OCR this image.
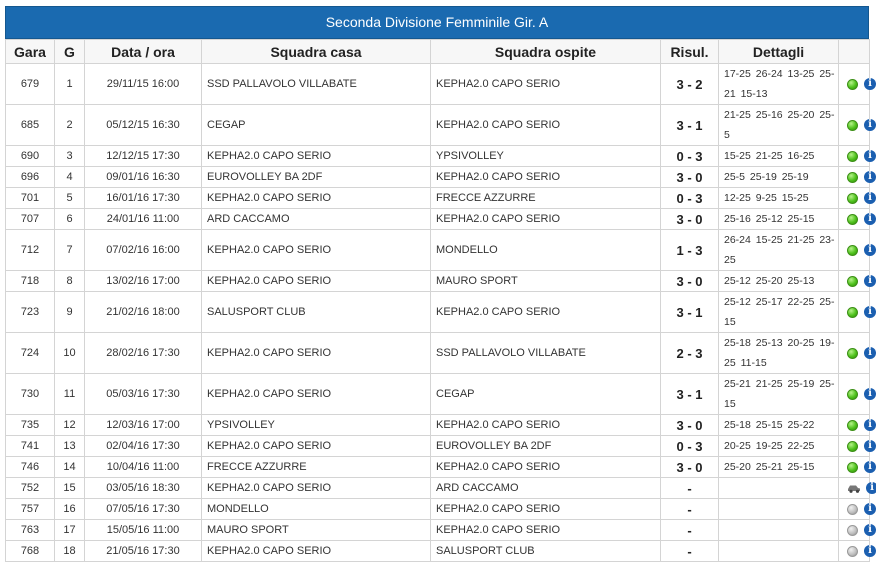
Seconda Divisione Femminile Gir. A
Gara	G	Data / ora	Squadra casa	Squadra ospite	Risul.	Dettagli	
679	1	29/11/15 16:00	SSD PALLAVOLO VILLABATE	KEPHA2.0 CAPO SERIO	3 - 2	17-25 26-24 13-25 25-21 15-13	i
685	2	05/12/15 16:30	CEGAP	KEPHA2.0 CAPO SERIO	3 - 1	21-25 25-16 25-20 25-5	i
690	3	12/12/15 17:30	KEPHA2.0 CAPO SERIO	YPSIVOLLEY	0 - 3	15-25 21-25 16-25	i
696	4	09/01/16 16:30	EUROVOLLEY BA 2DF	KEPHA2.0 CAPO SERIO	3 - 0	25-5 25-19 25-19	i
701	5	16/01/16 17:30	KEPHA2.0 CAPO SERIO	FRECCE AZZURRE	0 - 3	12-25 9-25 15-25	i
707	6	24/01/16 11:00	ARD CACCAMO	KEPHA2.0 CAPO SERIO	3 - 0	25-16 25-12 25-15	i
712	7	07/02/16 16:00	KEPHA2.0 CAPO SERIO	MONDELLO	1 - 3	26-24 15-25 21-25 23-25	i
718	8	13/02/16 17:00	KEPHA2.0 CAPO SERIO	MAURO SPORT	3 - 0	25-12 25-20 25-13	i
723	9	21/02/16 18:00	SALUSPORT CLUB	KEPHA2.0 CAPO SERIO	3 - 1	25-12 25-17 22-25 25-15	i
724	10	28/02/16 17:30	KEPHA2.0 CAPO SERIO	SSD PALLAVOLO VILLABATE	2 - 3	25-18 25-13 20-25 19-25 11-15	i
730	11	05/03/16 17:30	KEPHA2.0 CAPO SERIO	CEGAP	3 - 1	25-21 21-25 25-19 25-15	i
735	12	12/03/16 17:00	YPSIVOLLEY	KEPHA2.0 CAPO SERIO	3 - 0	25-18 25-15 25-22	i
741	13	02/04/16 17:30	KEPHA2.0 CAPO SERIO	EUROVOLLEY BA 2DF	0 - 3	20-25 19-25 22-25	i
746	14	10/04/16 11:00	FRECCE AZZURRE	KEPHA2.0 CAPO SERIO	3 - 0	25-20 25-21 25-15	i
752	15	03/05/16 18:30	KEPHA2.0 CAPO SERIO	ARD CACCAMO	-		i
757	16	07/05/16 17:30	MONDELLO	KEPHA2.0 CAPO SERIO	-		i
763	17	15/05/16 11:00	MAURO SPORT	KEPHA2.0 CAPO SERIO	-		i
768	18	21/05/16 17:30	KEPHA2.0 CAPO SERIO	SALUSPORT CLUB	-		i
